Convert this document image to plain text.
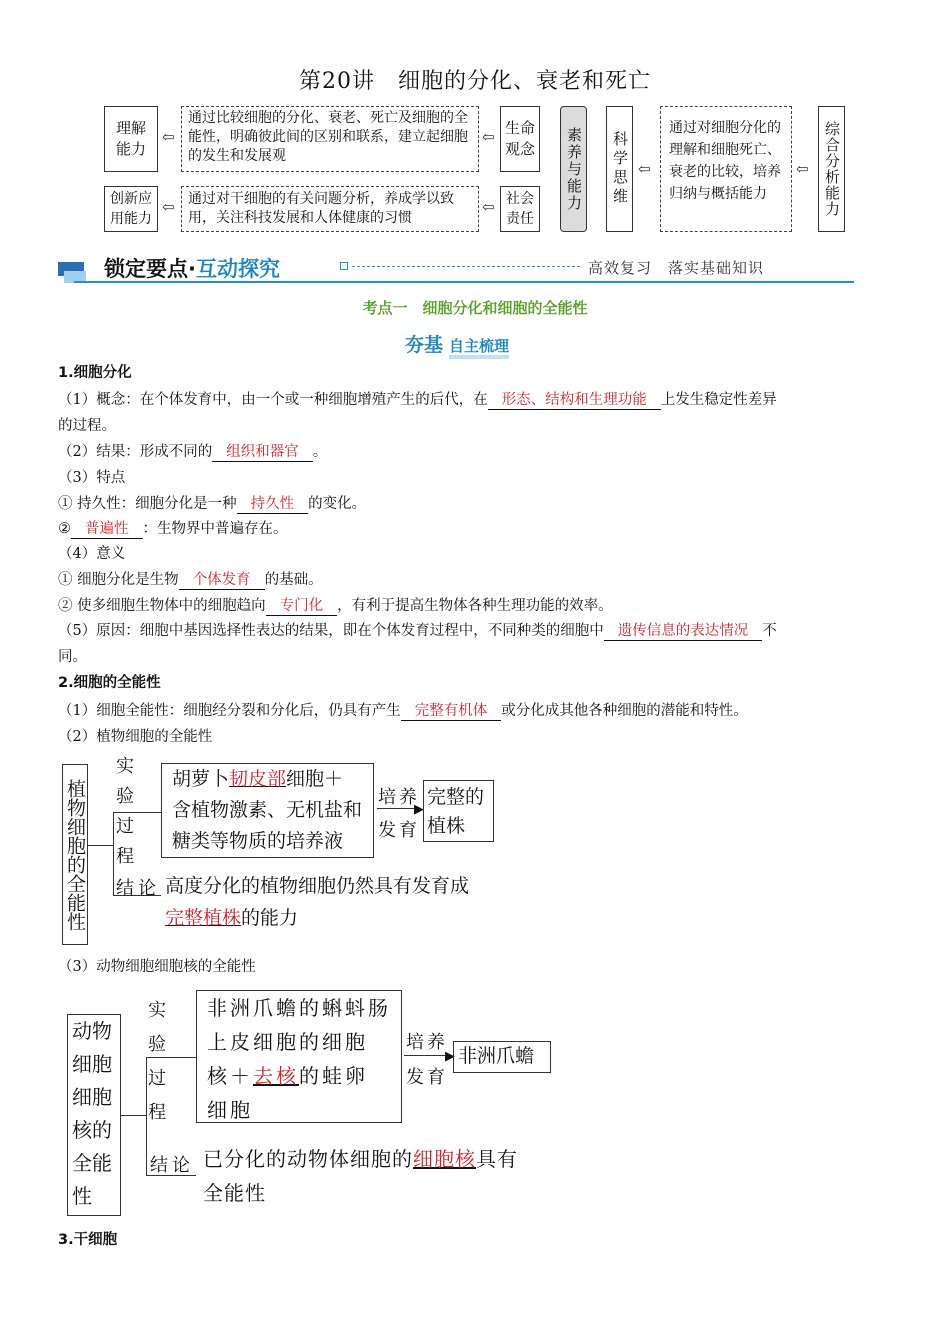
第20讲　细胞的分化、衰老和死亡
理解能力
创新应用能力
⇦
⇦
通过比较细胞的分化、衰老、死亡及细胞的全能性，明确彼此间的区别和联系，建立起细胞的发生和发展观
通过对干细胞的有关问题分析，养成学以致用，关注科技发展和人体健康的习惯
⇦
⇦
生命观念
社会责任
素养与能力	科学思维 ⇦
通过对细胞分化的理解和细胞死亡、衰老的比较，培养归纳与概括能力
⇦ 综合分析能力
锁定要点·互动探究	高效复习　落实基础知识
考点一　细胞分化和细胞的全能性
夯基 自主梳理
1.细胞分化
（1）概念：在个体发育中，由一个或一种细胞增殖产生的后代，在 形态、结构和生理功能 上发生稳定性差异
的过程。
（2）结果：形成不同的 组织和器官 。
（3）特点
① 持久性：细胞分化是一种 持久性 的变化。
② 普遍性 ：生物界中普遍存在。
（4）意义
① 细胞分化是生物 个体发育 的基础。
② 使多细胞生物体中的细胞趋向 专门化 ，有利于提高生物体各种生理功能的效率。
（5）原因：细胞中基因选择性表达的结果，即在个体发育过程中，不同种类的细胞中 遗传信息的表达情况 不
同。
2.细胞的全能性
（1）细胞全能性：细胞经分裂和分化后，仍具有产生 完整有机体 或分化成其他各种细胞的潜能和特性。
（2）植物细胞的全能性
植物细胞的全能性
实验过程
胡萝卜韧皮部细胞＋
含植物激素、无机盐和
糖类等物质的培养液
培养
▶
发育
完整的植株
结论 高度分化的植物细胞仍然具有发育成
完整植株的能力
（3）动物细胞细胞核的全能性
动物细胞细胞核的全能性
实验过程
非洲爪蟾的蝌蚪肠
上皮细胞的细胞
核＋去核的蛙卵
细胞
培养
▶
发育
非洲爪蟾
结论 已分化的动物体细胞的细胞核具有
全能性
3.干细胞
